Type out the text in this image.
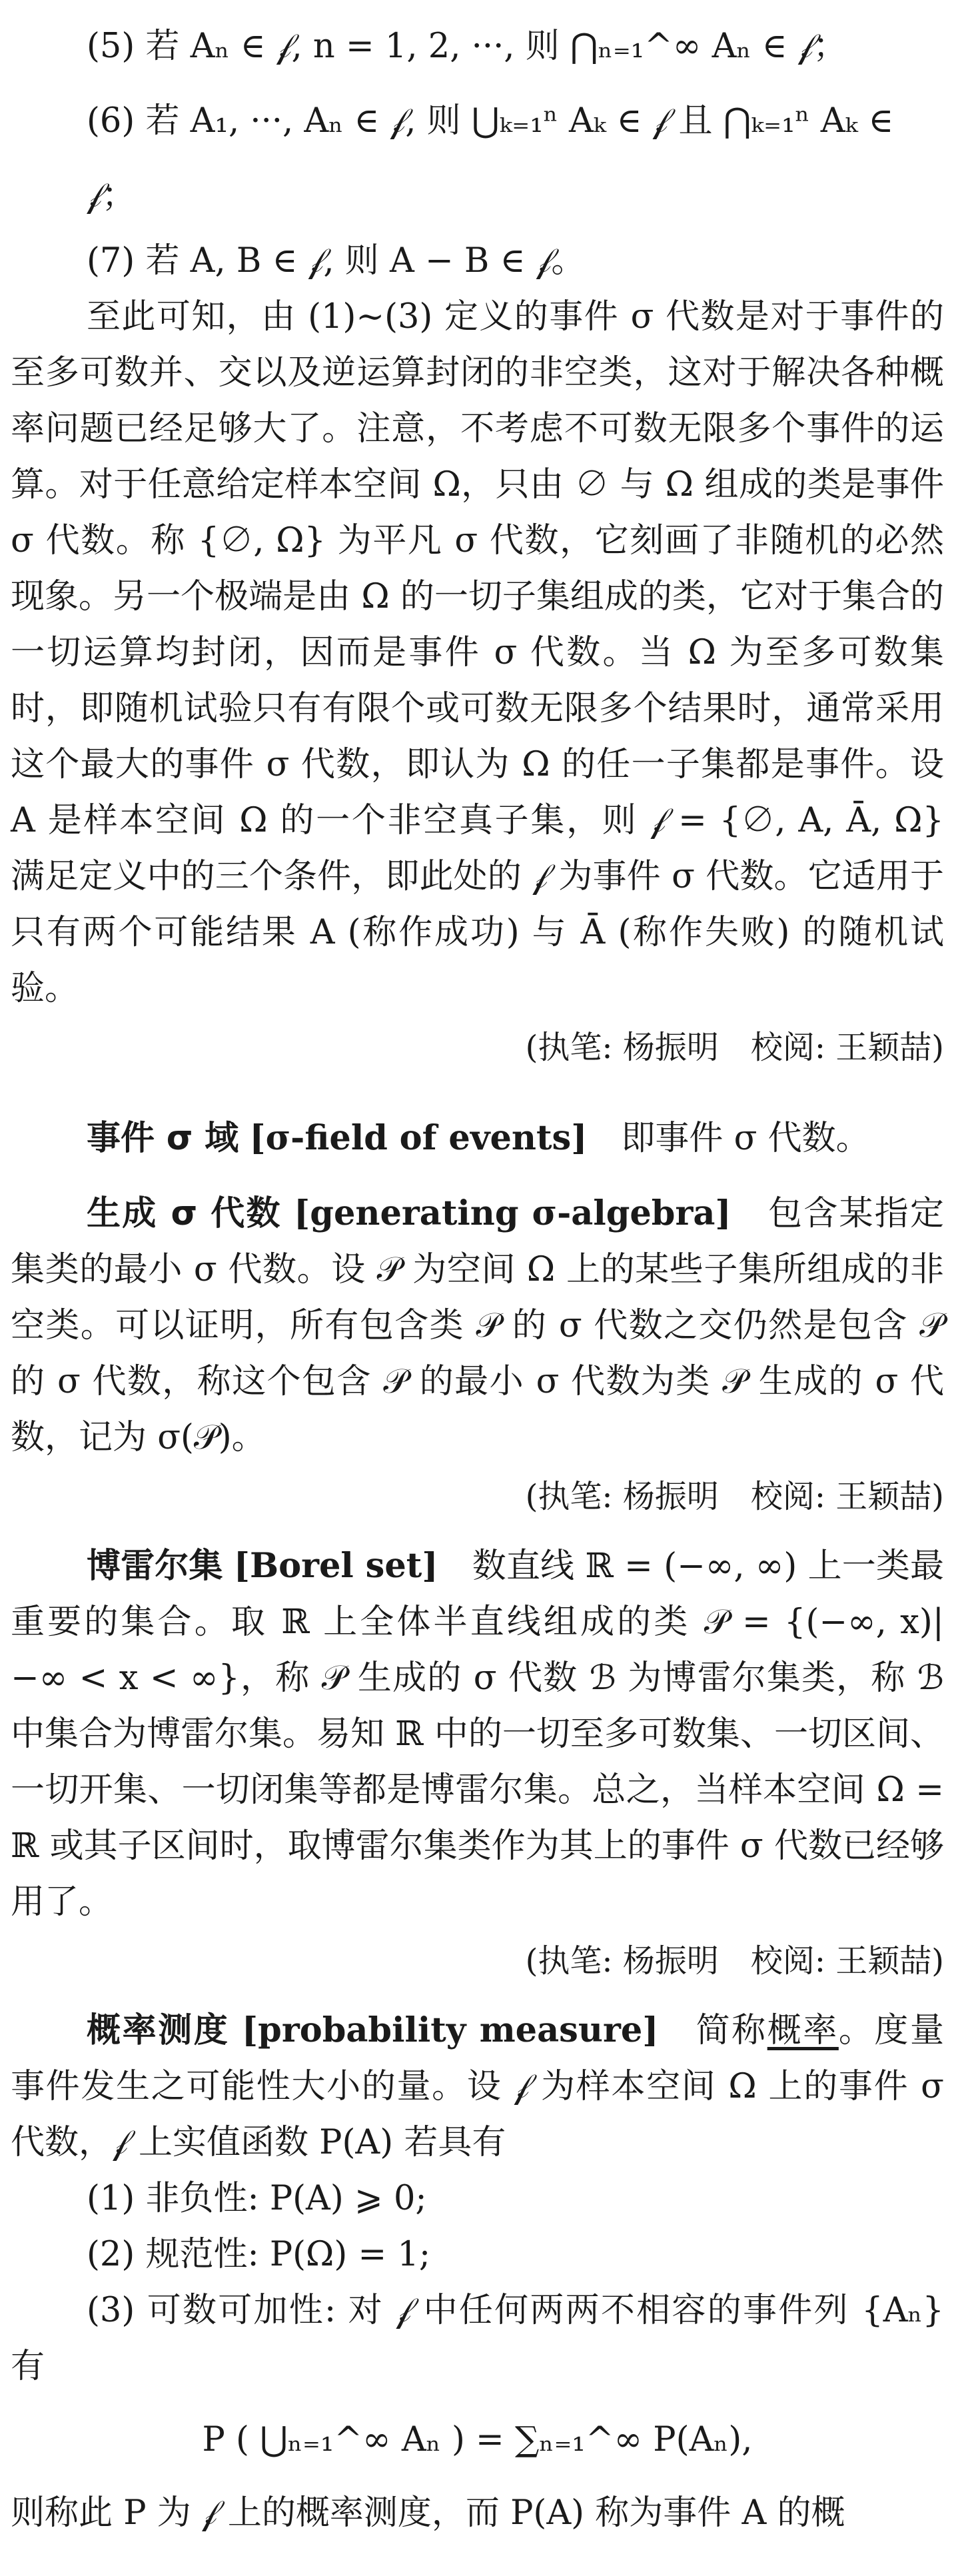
(5) 若 Aₙ ∈ 𝒻, n = 1, 2, ···, 则 ⋂ₙ₌₁^∞ Aₙ ∈ 𝒻；

(6) 若 A₁, ···, Aₙ ∈ 𝒻, 则 ⋃ₖ₌₁ⁿ Aₖ ∈ 𝒻 且 ⋂ₖ₌₁ⁿ Aₖ ∈ 𝒻；

(7) 若 A, B ∈ 𝒻, 则 A − B ∈ 𝒻。

至此可知，由 (1)∼(3) 定义的事件 σ 代数是对于事件的至多可数并、交以及逆运算封闭的非空类，这对于解决各种概率问题已经足够大了。注意，不考虑不可数无限多个事件的运算。对于任意给定样本空间 Ω，只由 ∅ 与 Ω 组成的类是事件 σ 代数。称 {∅, Ω} 为平凡 σ 代数，它刻画了非随机的必然现象。另一个极端是由 Ω 的一切子集组成的类，它对于集合的一切运算均封闭，因而是事件 σ 代数。当 Ω 为至多可数集时，即随机试验只有有限个或可数无限多个结果时，通常采用这个最大的事件 σ 代数，即认为 Ω 的任一子集都是事件。设 A 是样本空间 Ω 的一个非空真子集，则 𝒻 = {∅, A, Ā, Ω} 满足定义中的三个条件，即此处的 𝒻 为事件 σ 代数。它适用于只有两个可能结果 A (称作成功) 与 Ā (称作失败) 的随机试验。

(执笔: 杨振明　校阅: 王颖喆)

事件 σ 域 [σ-field of events]　 即事件 σ 代数。

生成 σ 代数 [generating σ-algebra]　 包含某指定集类的最小 σ 代数。设 𝒫 为空间 Ω 上的某些子集所组成的非空类。可以证明，所有包含类 𝒫 的 σ 代数之交仍然是包含 𝒫 的 σ 代数，称这个包含 𝒫 的最小 σ 代数为类 𝒫 生成的 σ 代数，记为 σ(𝒫)。

(执笔: 杨振明　校阅: 王颖喆)

博雷尔集 [Borel set]　 数直线 ℝ = (−∞, ∞) 上一类最重要的集合。取 ℝ 上全体半直线组成的类 𝒫 = {(−∞, x)| −∞ < x < ∞}，称 𝒫 生成的 σ 代数 ℬ 为博雷尔集类，称 ℬ 中集合为博雷尔集。易知 ℝ 中的一切至多可数集、一切区间、一切开集、一切闭集等都是博雷尔集。总之，当样本空间 Ω = ℝ 或其子区间时，取博雷尔集类作为其上的事件 σ 代数已经够用了。

(执笔: 杨振明　校阅: 王颖喆)

概率测度 [probability measure]　 简称概率。度量事件发生之可能性大小的量。设 𝒻 为样本空间 Ω 上的事件 σ 代数，𝒻 上实值函数 P(A) 若具有

(1) 非负性: P(A) ⩾ 0;

(2) 规范性: P(Ω) = 1;

(3) 可数可加性: 对 𝒻 中任何两两不相容的事件列 {Aₙ} 有

P ( ⋃ₙ₌₁^∞ Aₙ ) = ∑ₙ₌₁^∞ P(Aₙ),

则称此 P 为 𝒻 上的概率测度，而 P(A) 称为事件 A 的概
